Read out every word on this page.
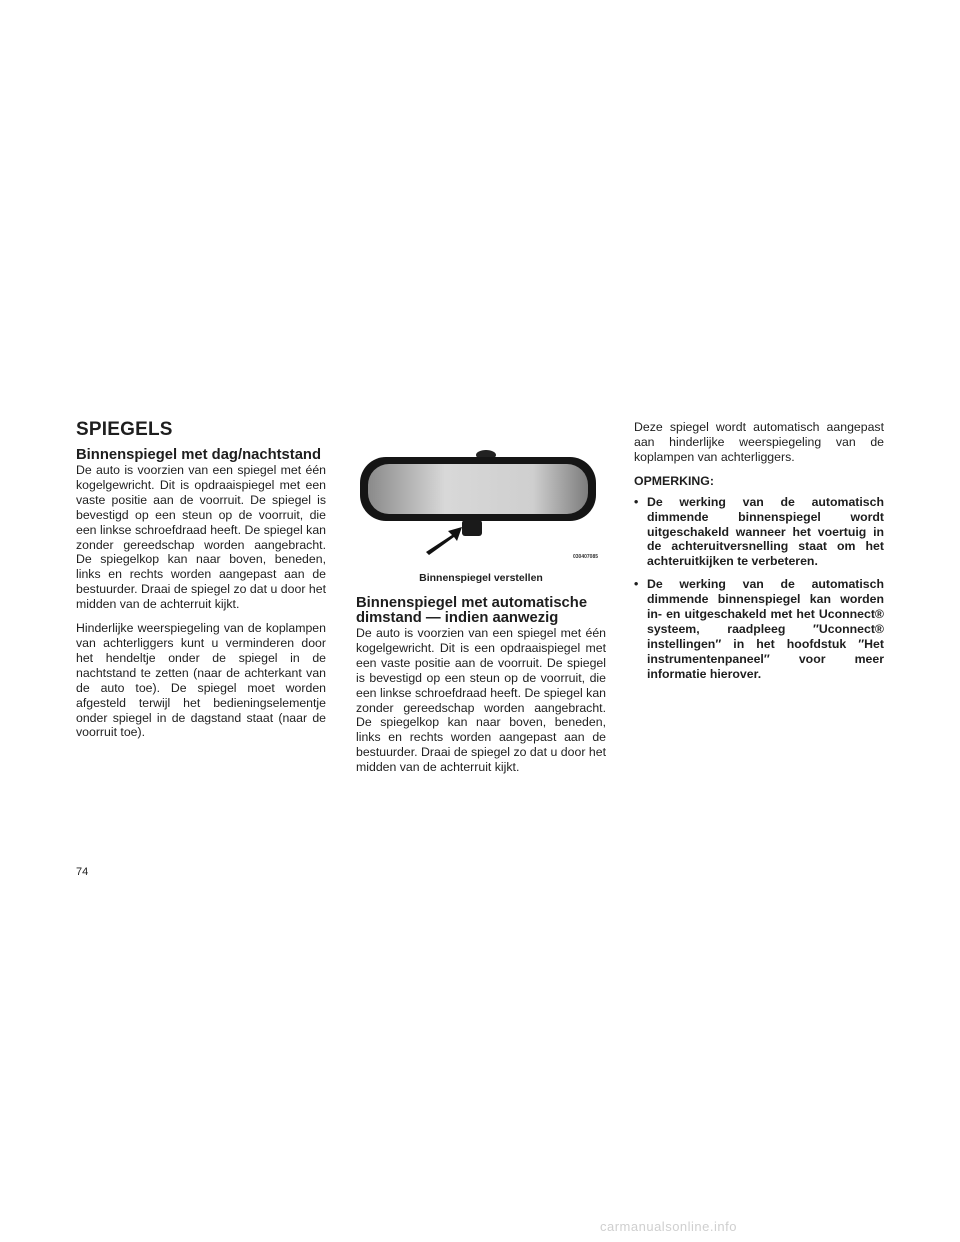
SPIEGELS
Binnenspiegel met dag/nachtstand

De auto is voorzien van een spiegel met één kogelgewricht. Dit is opdraaispiegel met een vaste positie aan de voorruit. De spiegel is bevestigd op een steun op de voorruit, die een linkse schroefdraad heeft. De spiegel kan zonder gereedschap worden aangebracht. De spiegelkop kan naar boven, beneden, links en rechts worden aangepast aan de bestuurder. Draai de spiegel zo dat u door het midden van de achterruit kijkt.

Hinderlijke weerspiegeling van de koplampen van achterliggers kunt u verminderen door het hendeltje onder de spiegel in de nachtstand te zetten (naar de achterkant van de auto toe). De spiegel moet worden afgesteld terwijl het bedieningselementje onder spiegel in de dagstand staat (naar de voorruit toe).

030407085
Binnenspiegel verstellen
Binnenspiegel met automatische
dimstand — indien aanwezig

De auto is voorzien van een spiegel met één kogelgewricht. Dit is een opdraaispiegel met een vaste positie aan de voorruit. De spiegel is bevestigd op een steun op de voorruit, die een linkse schroefdraad heeft. De spiegel kan zonder gereedschap worden aangebracht. De spiegelkop kan naar boven, beneden, links en rechts worden aangepast aan de bestuurder. Draai de spiegel zo dat u door het midden van de achterruit kijkt.

Deze spiegel wordt automatisch aangepast aan hinderlijke weerspiegeling van de koplampen van achterliggers.

OPMERKING:
• De werking van de automatisch dimmende binnenspiegel wordt uitgeschakeld wanneer het voertuig in de achteruitversnelling staat om het achteruitkijken te verbeteren.
• De werking van de automatisch dimmende binnenspiegel kan worden in- en uitgeschakeld met het Uconnect® systeem, raadpleeg ″Uconnect® instellingen″ in het hoofdstuk ″Het instrumentenpaneel″ voor meer informatie hierover.
74
carmanualsonline.info
